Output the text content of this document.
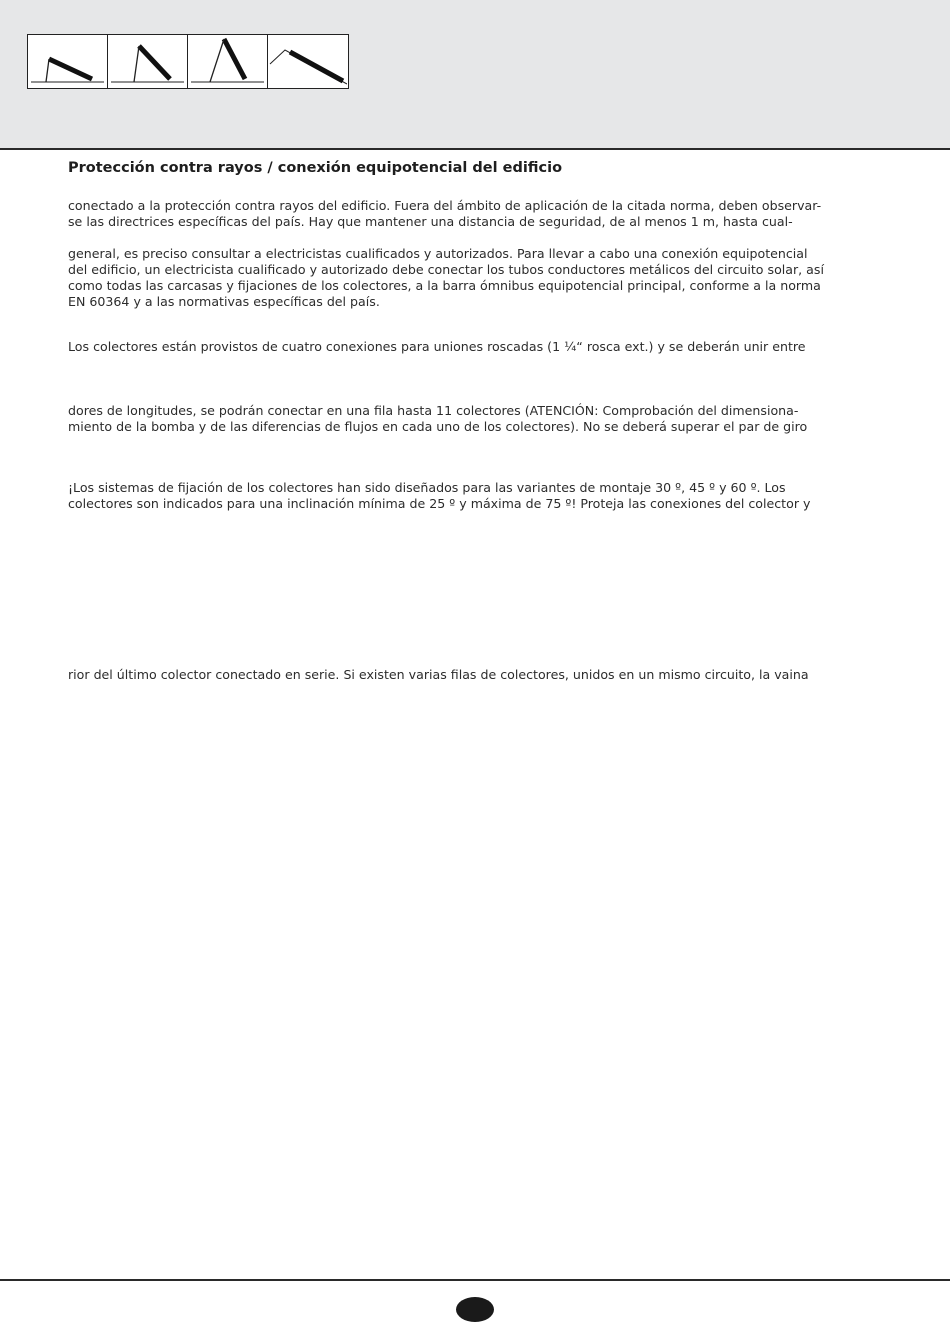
Protección contra rayos / conexión equipotencial del edificio

conectado a la protección contra rayos del edificio. Fuera del ámbito de aplicación de la citada norma, deben observar-
se las directrices específicas del país. Hay que mantener una distancia de seguridad, de al menos 1 m, hasta cual-

general, es preciso consultar a electricistas cualificados y autorizados. Para llevar a cabo una conexión equipotencial
del edificio, un electricista cualificado y autorizado debe conectar los tubos conductores metálicos del circuito solar, así
como todas las carcasas y fijaciones de los colectores, a la barra ómnibus equipotencial principal, conforme a la norma
EN 60364 y a las normativas específicas del país.

Los colectores están provistos de cuatro conexiones para uniones roscadas (1 ¼“ rosca ext.) y se deberán unir entre

dores de longitudes, se podrán conectar en una fila hasta 11 colectores (ATENCIÓN: Comprobación del dimensiona-
miento de la bomba y de las diferencias de flujos en cada uno de los colectores). No se deberá superar el par de giro

¡Los sistemas de fijación de los colectores han sido diseñados para las variantes de montaje 30 º, 45 º y 60 º. Los
colectores son indicados para una inclinación mínima de 25 º y máxima de 75 º! Proteja las conexiones del colector y

rior del último colector conectado en serie. Si existen varias filas de colectores, unidos en un mismo circuito, la vaina
